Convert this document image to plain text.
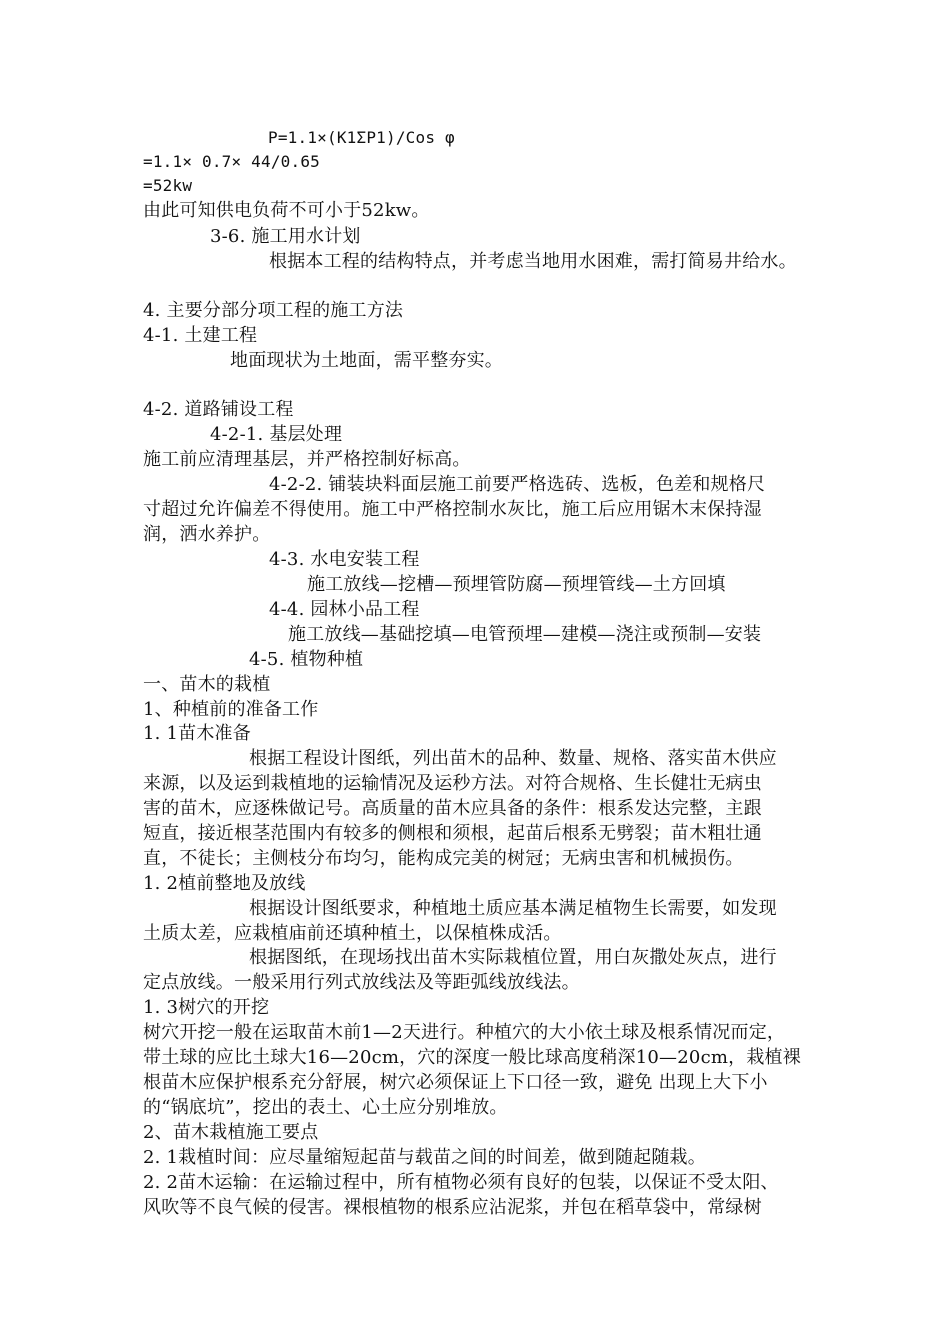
P=1.1×(K1ΣP1)/Cos φ
=1.1× 0.7× 44/0.65
=52kw
由此可知供电负荷不可小于52kw。
3-6. 施工用水计划
根据本工程的结构特点，并考虑当地用水困难，需打简易井给水。
4. 主要分部分项工程的施工方法
4-1. 土建工程
地面现状为土地面，需平整夯实。
4-2. 道路铺设工程
4-2-1. 基层处理
施工前应清理基层，并严格控制好标高。
4-2-2. 铺装块料面层施工前要严格选砖、选板，色差和规格尺
寸超过允许偏差不得使用。施工中严格控制水灰比，施工后应用锯木末保持湿
润，洒水养护。
4-3. 水电安装工程
施工放线—挖槽—预埋管防腐—预埋管线—土方回填
4-4. 园林小品工程
施工放线—基础挖填—电管预埋—建模—浇注或预制—安装
4-5. 植物种植
一、苗木的栽植
1、种植前的准备工作
1. 1苗木准备
根据工程设计图纸，列出苗木的品种、数量、规格、落实苗木供应
来源，以及运到栽植地的运输情况及运秒方法。对符合规格、生长健壮无病虫
害的苗木，应逐株做记号。高质量的苗木应具备的条件：根系发达完整，主跟
短直，接近根茎范围内有较多的侧根和须根，起苗后根系无劈裂；苗木粗壮通
直，不徒长；主侧枝分布均匀，能构成完美的树冠；无病虫害和机械损伤。
1. 2植前整地及放线
根据设计图纸要求，种植地土质应基本满足植物生长需要，如发现
土质太差，应栽植庙前还填种植土，以保植株成活。
根据图纸，在现场找出苗木实际栽植位置，用白灰撒处灰点，进行
定点放线。一般采用行列式放线法及等距弧线放线法。
1. 3树穴的开挖
树穴开挖一般在运取苗木前1—2天进行。种植穴的大小依土球及根系情况而定，
带土球的应比土球大16—20cm，穴的深度一般比球高度稍深10—20cm，栽植裸
根苗木应保护根系充分舒展，树穴必须保证上下口径一致，避免 出现上大下小
的“锅底坑”，挖出的表土、心土应分别堆放。
2、苗木栽植施工要点
2. 1栽植时间：应尽量缩短起苗与载苗之间的时间差，做到随起随栽。
2. 2苗木运输：在运输过程中，所有植物必须有良好的包装，以保证不受太阳、
风吹等不良气候的侵害。裸根植物的根系应沾泥浆，并包在稻草袋中，常绿树
